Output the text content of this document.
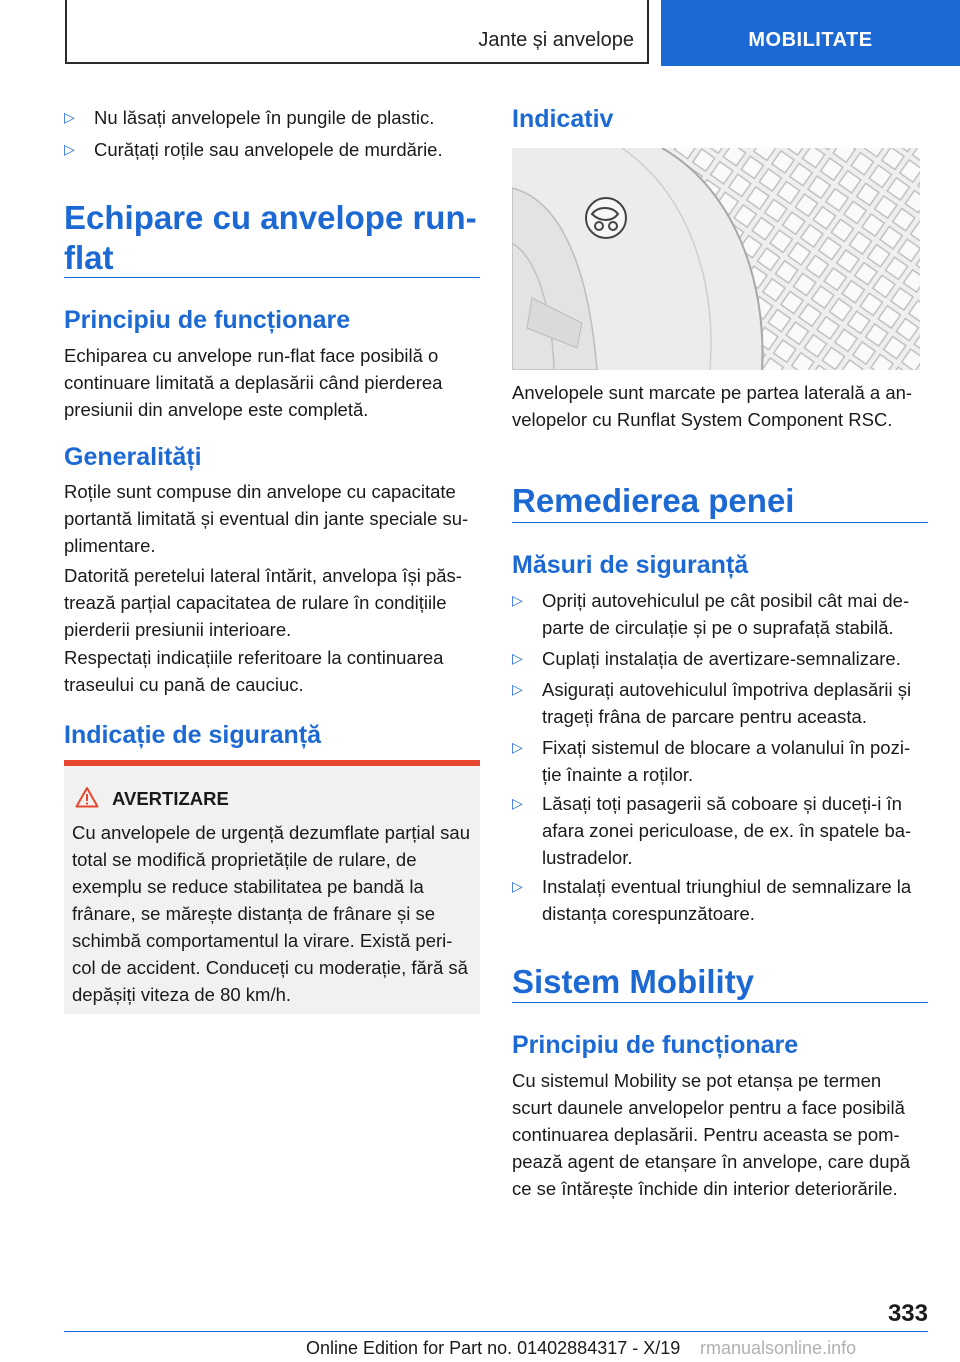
Jante și anvelope	MOBILITATE
▷	Nu lăsați anvelopele în pungile de plastic.
▷	Curățați roțile sau anvelopele de murdărie.
Echipare cu anvelope run-
flat
Principiu de funcționare
Echiparea cu anvelope run-flat face posibilă o continuare limitată a deplasării când pierderea presiunii din anvelope este completă.
Generalități
Roțile sunt compuse din anvelope cu capacitate portantă limitată și eventual din jante speciale su-plimentare.
Datorită peretelui lateral întărit, anvelopa își păs-trează parțial capacitatea de rulare în condițiile pierderii presiunii interioare.
Respectați indicațiile referitoare la continuarea traseului cu pană de cauciuc.
Indicație de siguranță
AVERTIZARE
Cu anvelopele de urgență dezumflate parțial sau total se modifică proprietățile de rulare, de exemplu se reduce stabilitatea pe bandă la frânare, se mărește distanța de frânare și se schimbă comportamentul la virare. Există peri-col de accident. Conduceți cu moderație, fără să depășiți viteza de 80 km/h.
Indicativ
Anvelopele sunt marcate pe partea laterală a an-velopelor cu Runflat System Component RSC.
Remedierea penei
Măsuri de siguranță
▷	Opriți autovehiculul pe cât posibil cât mai de-parte de circulație și pe o suprafață stabilă.
▷	Cuplați instalația de avertizare-semnalizare.
▷	Asigurați autovehiculul împotriva deplasării și trageți frâna de parcare pentru aceasta.
▷	Fixați sistemul de blocare a volanului în pozi-ție înainte a roților.
▷	Lăsați toți pasagerii să coboare și duceți-i în afara zonei periculoase, de ex. în spatele ba-lustradelor.
▷	Instalați eventual triunghiul de semnalizare la distanța corespunzătoare.
Sistem Mobility
Principiu de funcționare
Cu sistemul Mobility se pot etanșa pe termen scurt daunele anvelopelor pentru a face posibilă continuarea deplasării. Pentru aceasta se pom-pează agent de etanșare în anvelope, care după ce se întărește închide din interior deteriorările.
333
Online Edition for Part no. 01402884317 - X/19 rmanualsonline.info
